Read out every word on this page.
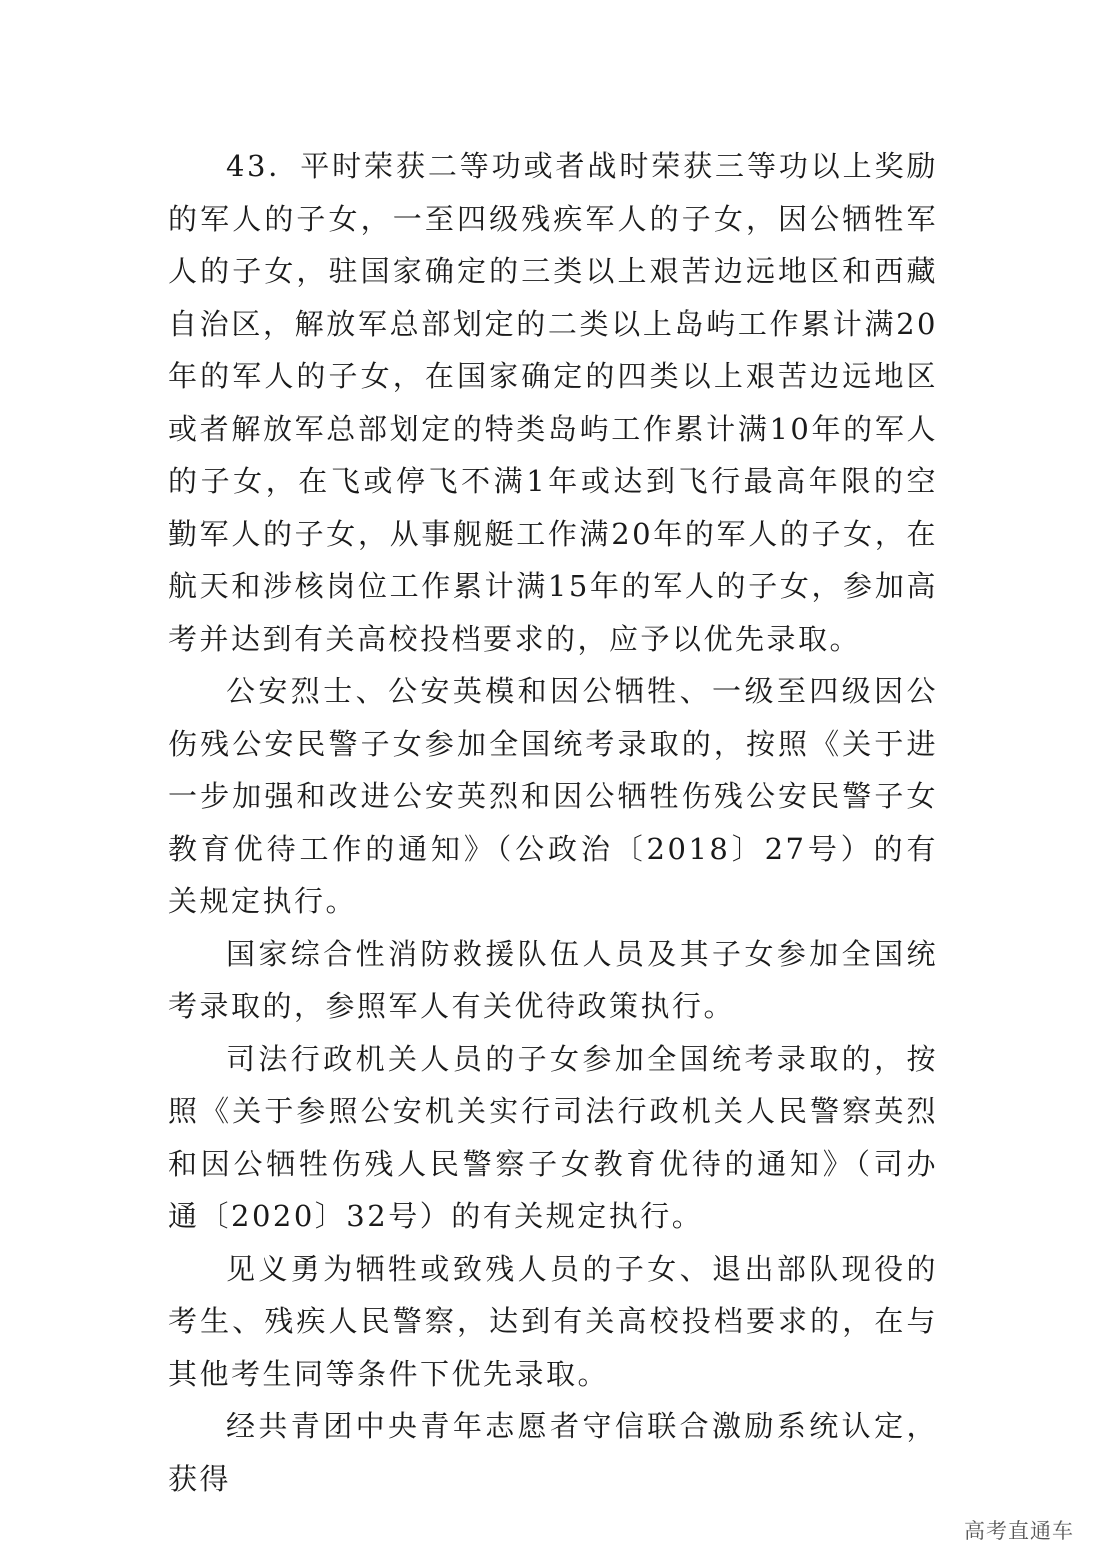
43．平时荣获二等功或者战时荣获三等功以上奖励的军人的子女，一至四级残疾军人的子女，因公牺牲军人的子女，驻国家确定的三类以上艰苦边远地区和西藏自治区，解放军总部划定的二类以上岛屿工作累计满20年的军人的子女，在国家确定的四类以上艰苦边远地区或者解放军总部划定的特类岛屿工作累计满10年的军人的子女，在飞或停飞不满1年或达到飞行最高年限的空勤军人的子女，从事舰艇工作满20年的军人的子女，在航天和涉核岗位工作累计满15年的军人的子女，参加高考并达到有关高校投档要求的，应予以优先录取。

公安烈士、公安英模和因公牺牲、一级至四级因公伤残公安民警子女参加全国统考录取的，按照《关于进一步加强和改进公安英烈和因公牺牲伤残公安民警子女教育优待工作的通知》（公政治〔2018〕27号）的有关规定执行。

国家综合性消防救援队伍人员及其子女参加全国统考录取的，参照军人有关优待政策执行。

司法行政机关人员的子女参加全国统考录取的，按照《关于参照公安机关实行司法行政机关人民警察英烈和因公牺牲伤残人民警察子女教育优待的通知》（司办通〔2020〕32号）的有关规定执行。

见义勇为牺牲或致残人员的子女、退出部队现役的考生、残疾人民警察，达到有关高校投档要求的，在与其他考生同等条件下优先录取。

经共青团中央青年志愿者守信联合激励系统认定，获得

高考直通车
